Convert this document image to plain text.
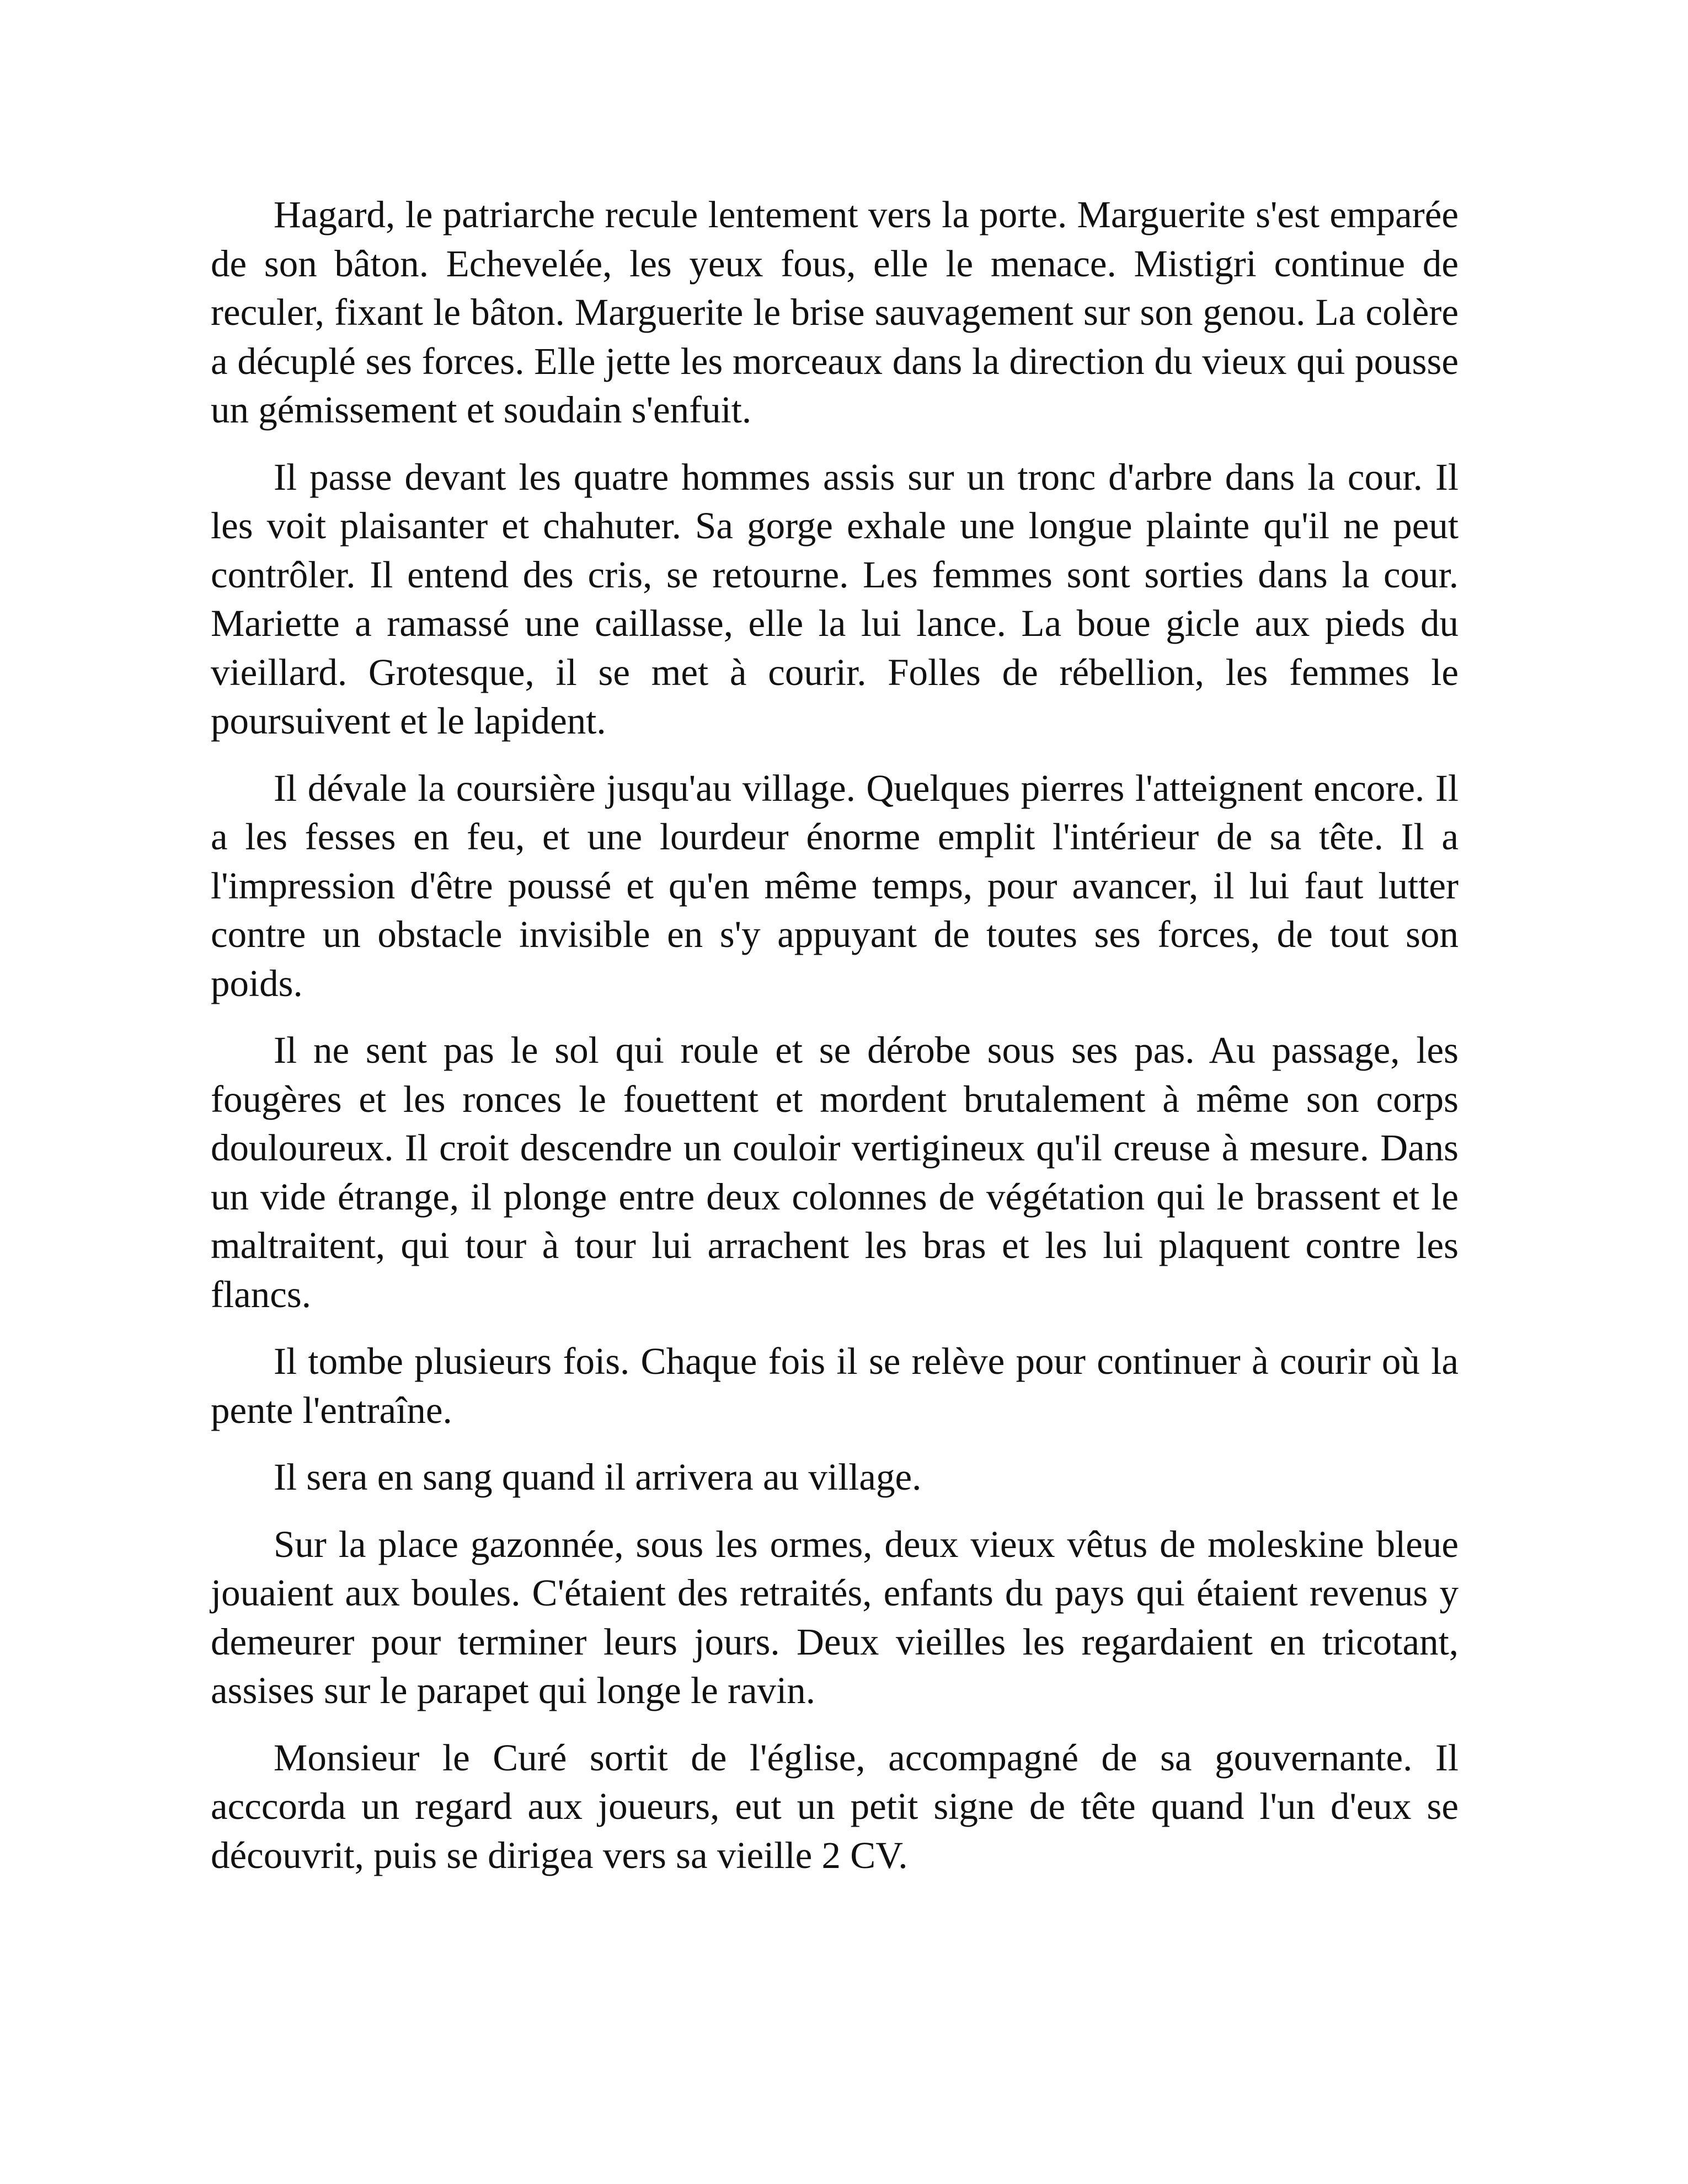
Hagard, le patriarche recule lentement vers la porte. Marguerite s'est emparée de son bâton. Echevelée, les yeux fous, elle le menace. Mistigri continue de reculer, fixant le bâton. Marguerite le brise sauvagement sur son genou. La colère a décuplé ses forces. Elle jette les morceaux dans la direction du vieux qui pousse un gémissement et soudain s'enfuit.

Il passe devant les quatre hommes assis sur un tronc d'arbre dans la cour. Il les voit plaisanter et chahuter. Sa gorge exhale une longue plainte qu'il ne peut contrôler. Il entend des cris, se retourne. Les femmes sont sorties dans la cour. Mariette a ramassé une caillasse, elle la lui lance. La boue gicle aux pieds du vieillard. Grotesque, il se met à courir. Folles de rébellion, les femmes le poursuivent et le lapident.

Il dévale la coursière jusqu'au village. Quelques pierres l'atteignent encore. Il a les fesses en feu, et une lourdeur énorme emplit l'intérieur de sa tête. Il a l'impression d'être poussé et qu'en même temps, pour avancer, il lui faut lutter contre un obstacle invisible en s'y appuyant de toutes ses forces, de tout son poids.

Il ne sent pas le sol qui roule et se dérobe sous ses pas. Au passage, les fougères et les ronces le fouettent et mordent brutalement à même son corps douloureux. Il croit descendre un couloir vertigineux qu'il creuse à mesure. Dans un vide étrange, il plonge entre deux colonnes de végétation qui le brassent et le maltraitent, qui tour à tour lui arrachent les bras et les lui plaquent contre les flancs.

Il tombe plusieurs fois. Chaque fois il se relève pour continuer à courir où la pente l'entraîne.

Il sera en sang quand il arrivera au village.

Sur la place gazonnée, sous les ormes, deux vieux vêtus de moleskine bleue jouaient aux boules. C'étaient des retraités, enfants du pays qui étaient revenus y demeurer pour terminer leurs jours. Deux vieilles les regardaient en tricotant, assises sur le parapet qui longe le ravin.

Monsieur le Curé sortit de l'église, accompagné de sa gouvernante. Il acccorda un regard aux joueurs, eut un petit signe de tête quand l'un d'eux se découvrit, puis se dirigea vers sa vieille 2 CV.
